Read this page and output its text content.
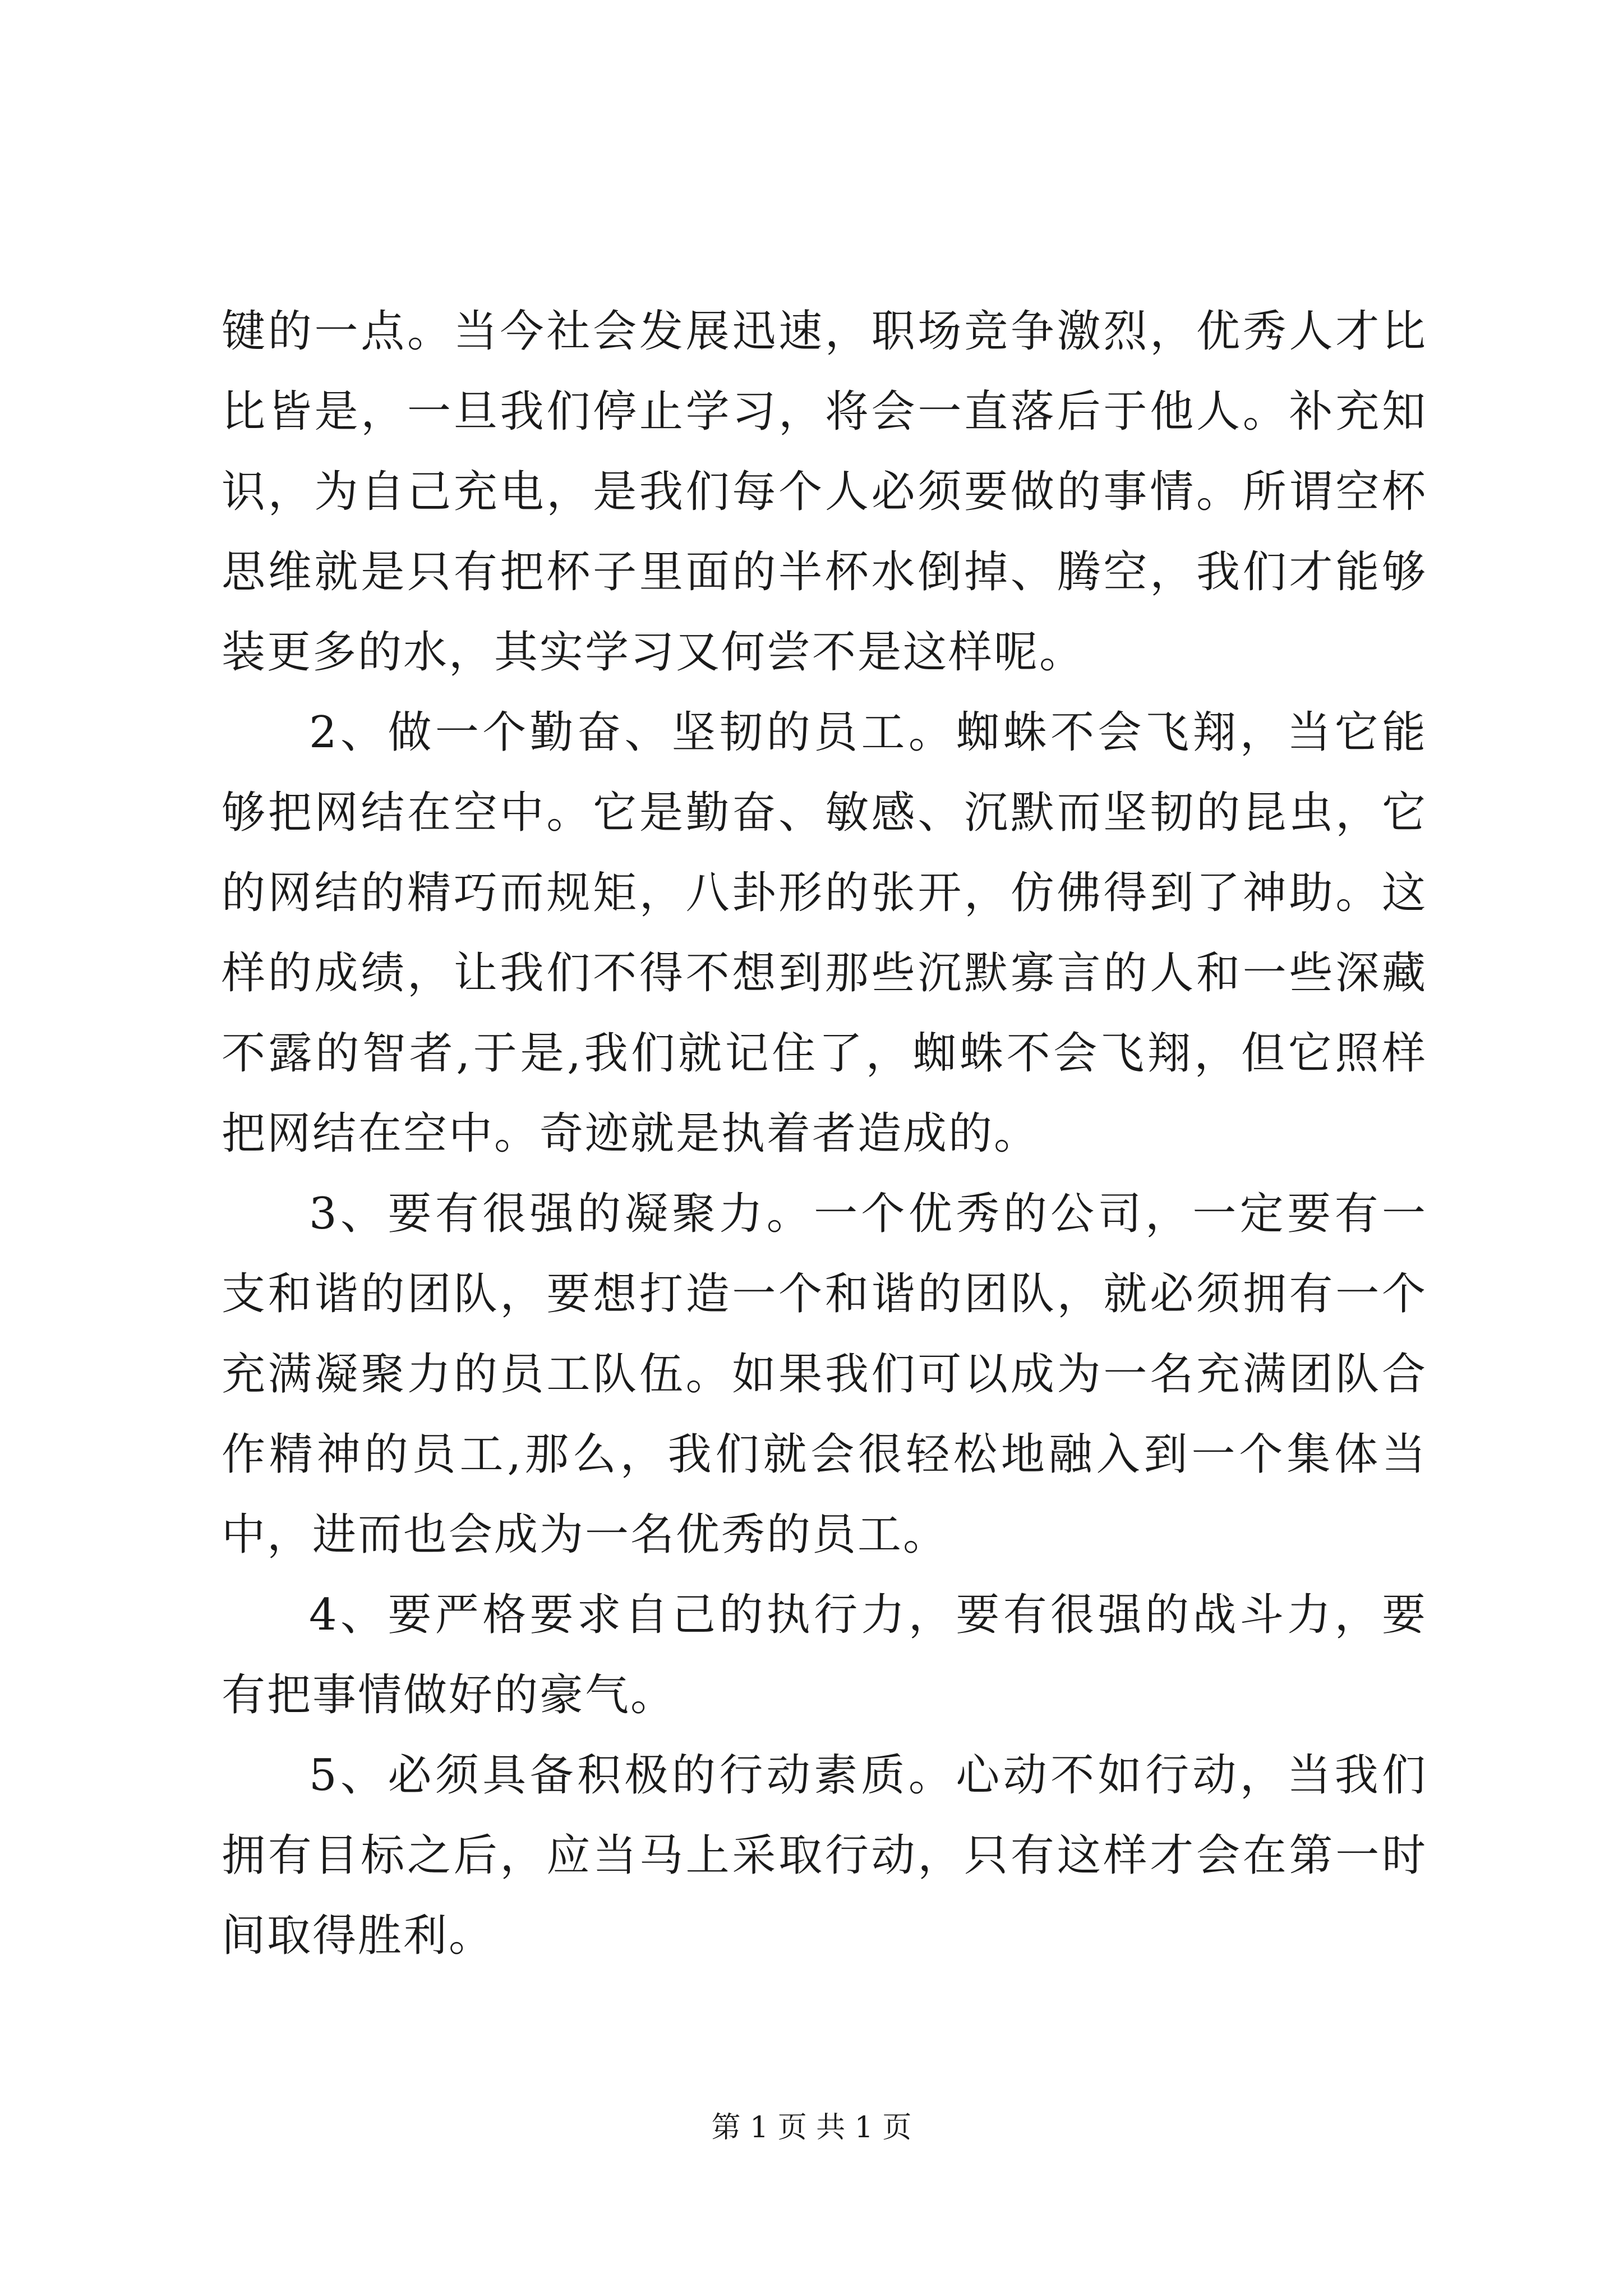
键的一点。当今社会发展迅速，职场竞争激烈，优秀人才比比皆是，一旦我们停止学习，将会一直落后于他人。补充知识，为自己充电，是我们每个人必须要做的事情。所谓空杯思维就是只有把杯子里面的半杯水倒掉、腾空，我们才能够装更多的水，其实学习又何尝不是这样呢。

2、做一个勤奋、坚韧的员工。蜘蛛不会飞翔，当它能够把网结在空中。它是勤奋、敏感、沉默而坚韧的昆虫，它的网结的精巧而规矩，八卦形的张开，仿佛得到了神助。这样的成绩，让我们不得不想到那些沉默寡言的人和一些深藏不露的智者,于是,我们就记住了，蜘蛛不会飞翔，但它照样把网结在空中。奇迹就是执着者造成的。

3、要有很强的凝聚力。一个优秀的公司，一定要有一支和谐的团队，要想打造一个和谐的团队，就必须拥有一个充满凝聚力的员工队伍。如果我们可以成为一名充满团队合作精神的员工,那么，我们就会很轻松地融入到一个集体当中，进而也会成为一名优秀的员工。

4、要严格要求自己的执行力，要有很强的战斗力，要有把事情做好的豪气。

5、必须具备积极的行动素质。心动不如行动，当我们拥有目标之后，应当马上采取行动，只有这样才会在第一时间取得胜利。

第 1 页 共 1 页
